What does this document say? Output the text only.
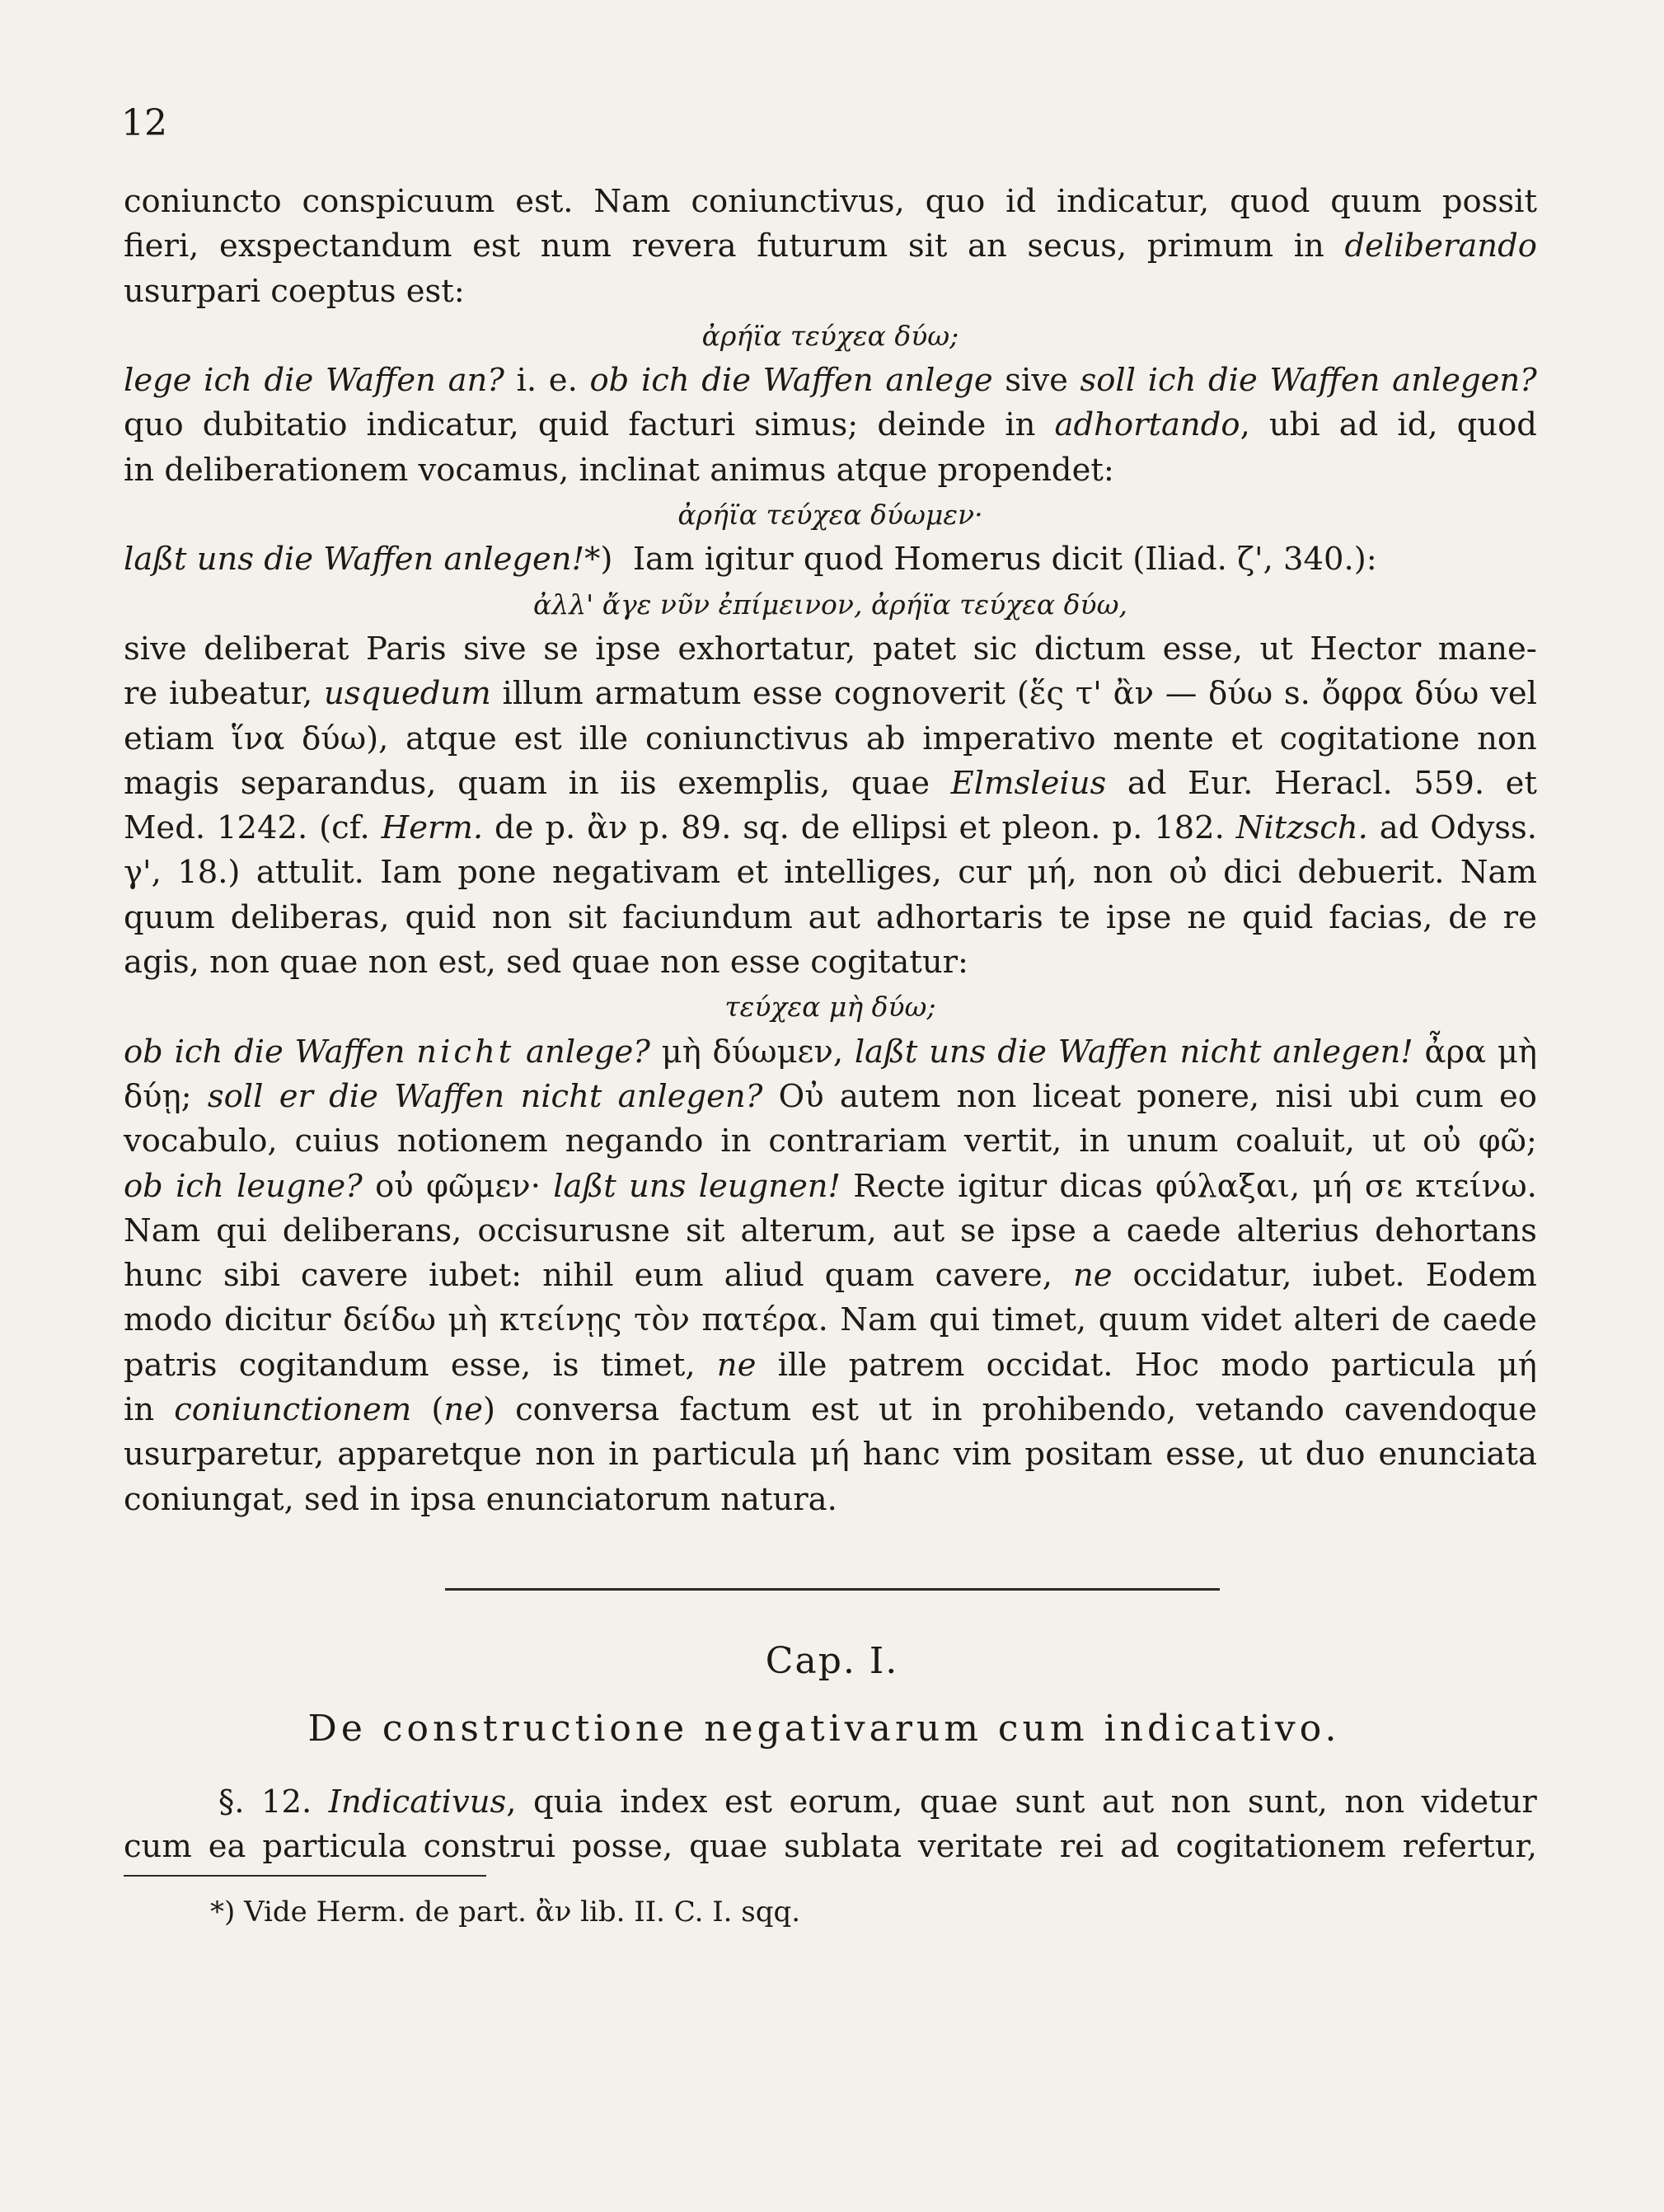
12
coniuncto conspicuum est. Nam coniunctivus, quo id indicatur, quod quum possit
fieri, exspectandum est num revera futurum sit an secus, primum in deliberando
usurpari coeptus est:
ἀρήϊα τεύχεα δύω;
lege ich die Waffen an? i. e. ob ich die Waffen anlege sive soll ich die Waffen anlegen?
quo dubitatio indicatur, quid facturi simus; deinde in adhortando, ubi ad id, quod
in deliberationem vocamus, inclinat animus atque propendet:
ἀρήϊα τεύχεα δύωμεν·
laßt uns die Waffen anlegen! *)  Iam igitur quod Homerus dicit (Iliad. ζ', 340.):
ἀλλ' ἄγε νῦν ἐπίμεινον, ἀρήϊα τεύχεα δύω,
sive deliberat Paris sive se ipse exhortatur, patet sic dictum esse, ut Hector mane-
re iubeatur, usquedum illum armatum esse cognoverit (ἕς τ' ἂν — δύω s. ὄφρα δύω vel
etiam ἵνα δύω), atque est ille coniunctivus ab imperativo mente et cogitatione non
magis separandus, quam in iis exemplis, quae Elmsleius ad Eur. Heracl. 559. et
Med. 1242. (cf. Herm. de p. ἂν p. 89. sq. de ellipsi et pleon. p. 182. Nitzsch. ad Odyss.
γ', 18.) attulit. Iam pone negativam et intelliges, cur μή, non οὐ dici debuerit. Nam
quum deliberas, quid non sit faciundum aut adhortaris te ipse ne quid facias, de re
agis, non quae non est, sed quae non esse cogitatur:
τεύχεα μὴ δύω;
ob ich die Waffen nicht anlege? μὴ δύωμεν, laßt uns die Waffen nicht anlegen! ἆρα μὴ
δύῃ; soll er die Waffen nicht anlegen? Οὐ autem non liceat ponere, nisi ubi cum eo
vocabulo, cuius notionem negando in contrariam vertit, in unum coaluit, ut οὐ φῶ;
ob ich leugne? οὐ φῶμεν· laßt uns leugnen! Recte igitur dicas φύλαξαι, μή σε κτείνω.
Nam qui deliberans, occisurusne sit alterum, aut se ipse a caede alterius dehortans
hunc sibi cavere iubet: nihil eum aliud quam cavere, ne occidatur, iubet. Eodem
modo dicitur δείδω μὴ κτείνῃς τὸν πατέρα. Nam qui timet, quum videt alteri de caede
patris cogitandum esse, is timet, ne ille patrem occidat. Hoc modo particula μή
in coniunctionem (ne) conversa factum est ut in prohibendo, vetando cavendoque
usurparetur, apparetque non in particula μή hanc vim positam esse, ut duo enunciata
coniungat, sed in ipsa enunciatorum natura.
Cap. I.
De constructione negativarum cum indicativo.
§. 12. Indicativus, quia index est eorum, quae sunt aut non sunt, non videtur
cum ea particula construi posse, quae sublata veritate rei ad cogitationem refertur,
*) Vide Herm. de part. ἂν lib. II. C. I. sqq.
